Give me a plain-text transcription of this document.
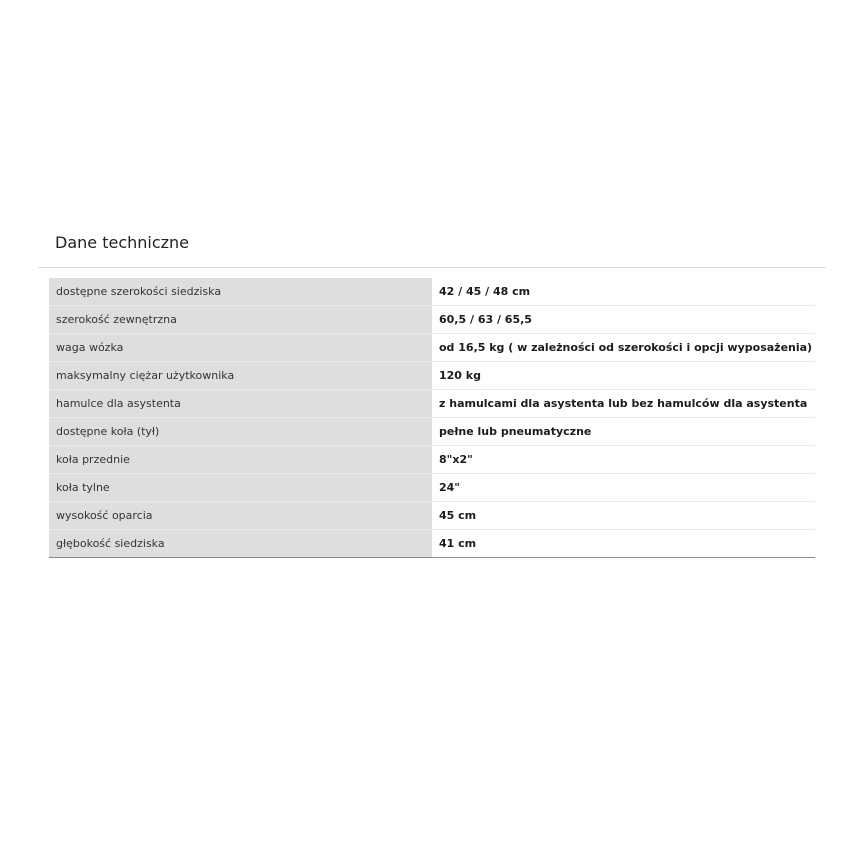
Dane techniczne
dostępne szerokości siedziska	42 / 45 / 48 cm
szerokość zewnętrzna	60,5 / 63 / 65,5
waga wózka	od 16,5 kg ( w zależności od szerokości i opcji wyposażenia)
maksymalny ciężar użytkownika	120 kg
hamulce dla asystenta	z hamulcami dla asystenta lub bez hamulców dla asystenta
dostępne koła (tył)	pełne lub pneumatyczne
koła przednie	8"x2"
koła tylne	24"
wysokość oparcia	45 cm
głębokość siedziska	41 cm
